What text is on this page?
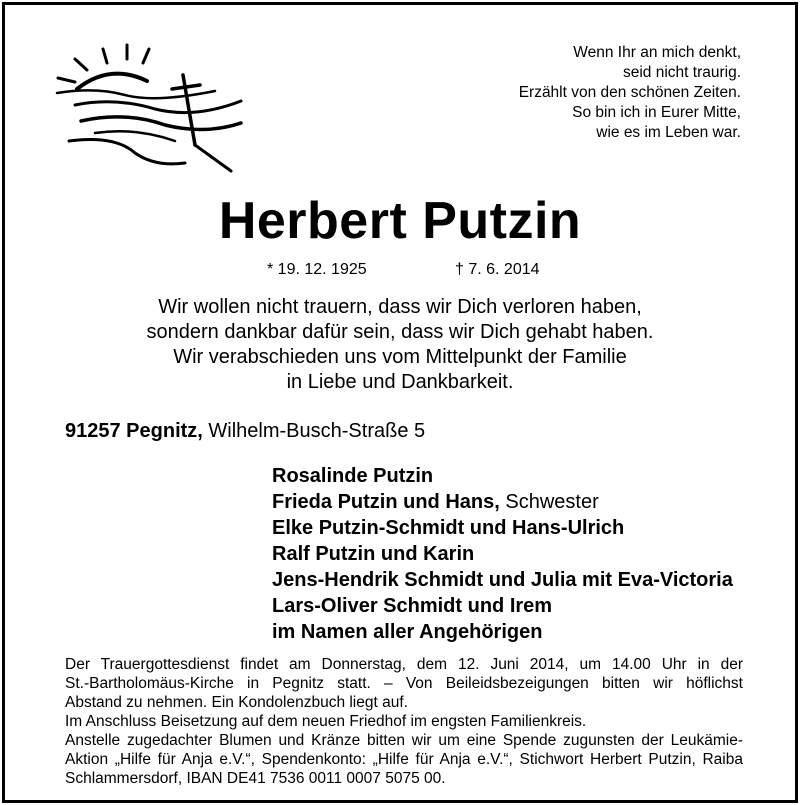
Wenn Ihr an mich denkt,
seid nicht traurig.
Erzählt von den schönen Zeiten.
So bin ich in Eurer Mitte,
wie es im Leben war.
Herbert Putzin
* 19. 12. 1925	† 7. 6. 2014
Wir wollen nicht trauern, dass wir Dich verloren haben,
sondern dankbar dafür sein, dass wir Dich gehabt haben.
Wir verabschieden uns vom Mittelpunkt der Familie
in Liebe und Dankbarkeit.
91257 Pegnitz, Wilhelm-Busch-Straße 5
Rosalinde Putzin
Frieda Putzin und Hans, Schwester
Elke Putzin-Schmidt und Hans-Ulrich
Ralf Putzin und Karin
Jens-Hendrik Schmidt und Julia mit Eva-Victoria
Lars-Oliver Schmidt und Irem
im Namen aller Angehörigen
Der Trauergottesdienst findet am Donnerstag, dem 12. Juni 2014, um 14.00 Uhr in der
St.-Bartholomäus-Kirche in Pegnitz statt. – Von Beileidsbezeigungen bitten wir höflichst
Abstand zu nehmen. Ein Kondolenzbuch liegt auf.
Im Anschluss Beisetzung auf dem neuen Friedhof im engsten Familienkreis.
Anstelle zugedachter Blumen und Kränze bitten wir um eine Spende zugunsten der Leukämie-
Aktion „Hilfe für Anja e.V.“, Spendenkonto: „Hilfe für Anja e.V.“, Stichwort Herbert Putzin, Raiba
Schlammersdorf, IBAN DE41 7536 0011 0007 5075 00.
